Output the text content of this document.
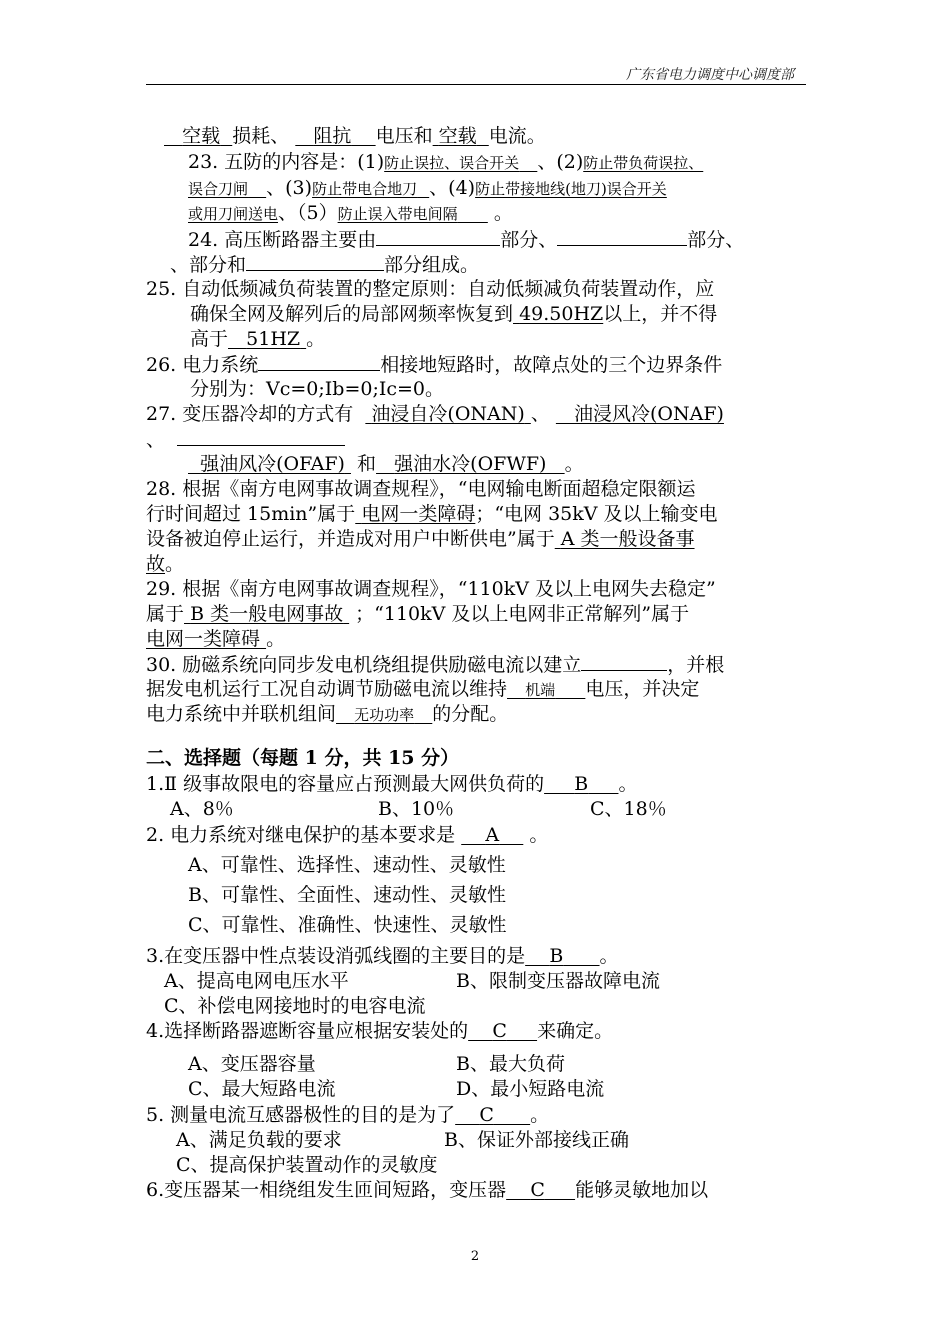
广东省电力调度中心调度部
空载 损耗、 阻抗 电压和 空载 电流。
23. 五防的内容是：(1)防止误拉、误合开关 、(2)防止带负荷误拉、
误合刀闸 、(3)防止带电合地刀 、(4)防止带接地线(地刀)误合开关
或用刀闸送电、（5）防止误入带电间隔 。
24. 高压断路器主要由	部分、	部分、
、部分和	部分组成。
25. 自动低频减负荷装置的整定原则：自动低频减负荷装置动作，应
确保全网及解列后的局部网频率恢复到 49.50HZ以上，并不得
高于 51HZ 。
26. 电力系统	相接地短路时，故障点处的三个边界条件
分别为：Vc=0;Ib=0;Ic=0。
27. 变压器冷却的方式有 油浸自冷(ONAN) 、 油浸风冷(ONAF)
、
强油风冷(OFAF) 和 强油水冷(OFWF) 。
28. 根据《南方电网事故调查规程》，“电网输电断面超稳定限额运
行时间超过 15min”属于 电网一类障碍；“电网 35kV 及以上输变电
设备被迫停止运行，并造成对用户中断供电”属于 A 类一般设备事
故。
29. 根据《南方电网事故调查规程》，“110kV 及以上电网失去稳定”
属于 B 类一般电网事故 ；“110kV 及以上电网非正常解列”属于
电网一类障碍 。
30. 励磁系统向同步发电机绕组提供励磁电流以建立	，并根
据发电机运行工况自动调节励磁电流以维持 机端 电压，并决定
电力系统中并联机组间 无功功率 的分配。
二、选择题（每题 1 分，共 15 分）
1.Ⅱ 级事故限电的容量应占预测最大网供负荷的 B 。
A、8％	B、10％	C、18％
2. 电力系统对继电保护的基本要求是 A 。
A、可靠性、选择性、速动性、灵敏性
B、可靠性、全面性、速动性、灵敏性
C、可靠性、准确性、快速性、灵敏性
3.在变压器中性点装设消弧线圈的主要目的是 B 。
A、提高电网电压水平	B、限制变压器故障电流
C、补偿电网接地时的电容电流
4.选择断路器遮断容量应根据安装处的 C 来确定。
A、变压器容量	B、最大负荷
C、最大短路电流	D、最小短路电流
5. 测量电流互感器极性的目的是为了 C 。
A、满足负载的要求	B、保证外部接线正确
C、提高保护装置动作的灵敏度
6.变压器某一相绕组发生匝间短路，变压器 C 能够灵敏地加以
2
